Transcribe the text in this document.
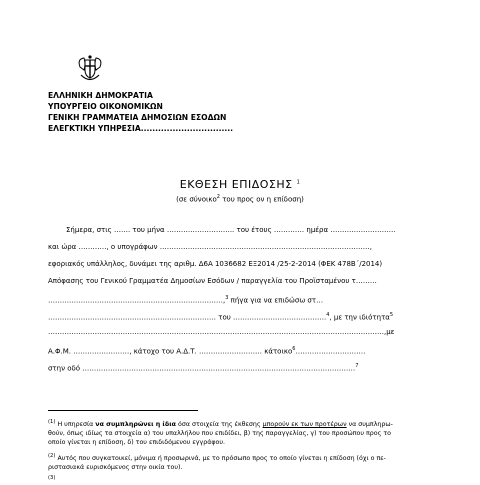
ΕΛΛΗΝΙΚΗ ΔΗΜΟΚΡΑΤΙΑ
ΥΠΟΥΡΓΕΙΟ ΟΙΚΟΝΟΜΙΚΩΝ
ΓΕΝΙΚΗ ΓΡΑΜΜΑΤΕΙΑ ΔΗΜΟΣΙΩΝ ΕΣΟΔΩΝ
ΕΛΕΓΚΤΙΚΗ ΥΠΗΡΕΣΙΑ................................
ΕΚΘΕΣΗ ΕΠΙΔΟΣΗΣ $^1$
(σε σύνοικο$^2$ του προς ον η επίδοση)
Σήμερα, στις ……. του μήνα ……………………….. του έτους …………. ημέρα ……………………….
και ώρα …………, ο υπογράφων ………………………………………………………………………………,
εφοριακός υπάλληλος, δυνάμει της αριθμ. Δ6Α 1036682 ΕΞ2014 /25-2-2014 (ΦΕΚ 478Β΄/2014)
Απόφασης του Γενικού Γραμματέα Δημοσίων Εσόδων / παραγγελία του Προϊσταμένου τ………
…………………………………………………………………,$^3$ πήγα για να επιδώσω στ…
……………………………………………………………… του ………………………………….$^4$, με την ιδιότητα$^5$
………………………………………………………………………………………………………………………………,με
Α.Φ.Μ. ……………………, κάτοχο του Α.Δ.Τ. ……………………… κάτοικο$^6$…………………………
στην οδό ………………………………………………………………………………………………………$^7$
$^{(1)}$ Η υπηρεσία να συμπληρώνει η ίδια όσα στοιχεία της έκθεσης μπορούν εκ των προτέρων να συμπληρω-
θούν, όπως ιδίως τα στοιχεία α) του υπαλλήλου που επιδίδει, β) της παραγγελίας, γ) του προσώπου προς το
οποίο γίνεται η επίδοση, δ) του επιδιδόμενου εγγράφου.
$^{(2)}$ Αυτός που συγκατοικεί, μόνιμα ή προσωρινά, με το πρόσωπο προς το οποίο γίνεται η επίδοση (όχι ο πε-
ριστασιακά ευρισκόμενος στην οικία του).
$^{(3)}$
